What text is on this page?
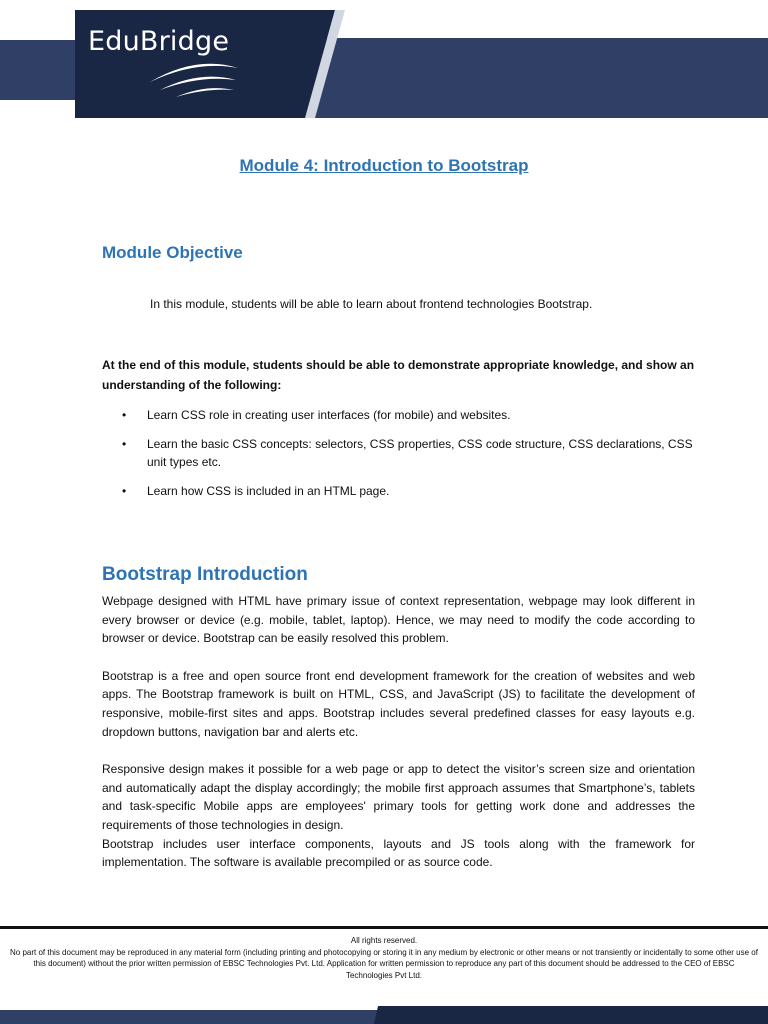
EduBridge
Module 4: Introduction to Bootstrap
Module Objective
In this module, students will be able to learn about frontend technologies Bootstrap.
At the end of this module, students should be able to demonstrate appropriate knowledge, and show an understanding of the following:
• Learn CSS role in creating user interfaces (for mobile) and websites.
• Learn the basic CSS concepts: selectors, CSS properties, CSS code structure, CSS declarations, CSS unit types etc.
• Learn how CSS is included in an HTML page.
Bootstrap Introduction

Webpage designed with HTML have primary issue of context representation, webpage may look different in every browser or device (e.g. mobile, tablet, laptop). Hence, we may need to modify the code according to browser or device. Bootstrap can be easily resolved this problem.

Bootstrap is a free and open source front end development framework for the creation of websites and web apps. The Bootstrap framework is built on HTML, CSS, and JavaScript (JS) to facilitate the development of responsive, mobile-first sites and apps. Bootstrap includes several predefined classes for easy layouts e.g. dropdown buttons, navigation bar and alerts etc.

Responsive design makes it possible for a web page or app to detect the visitor’s screen size and orientation and automatically adapt the display accordingly; the mobile first approach assumes that Smartphone’s, tablets and task-specific Mobile apps are employees' primary tools for getting work done and addresses the requirements of those technologies in design.

Bootstrap includes user interface components, layouts and JS tools along with the framework for implementation. The software is available precompiled or as source code.

All rights reserved.
No part of this document may be reproduced in any material form (including printing and photocopying or storing it in any medium by electronic or other means or not transiently or incidentally to some other use of this document) without the prior written permission of EBSC Technologies Pvt. Ltd. Application for written permission to reproduce any part of this document should be addressed to the CEO of EBSC Technologies Pvt Ltd.
